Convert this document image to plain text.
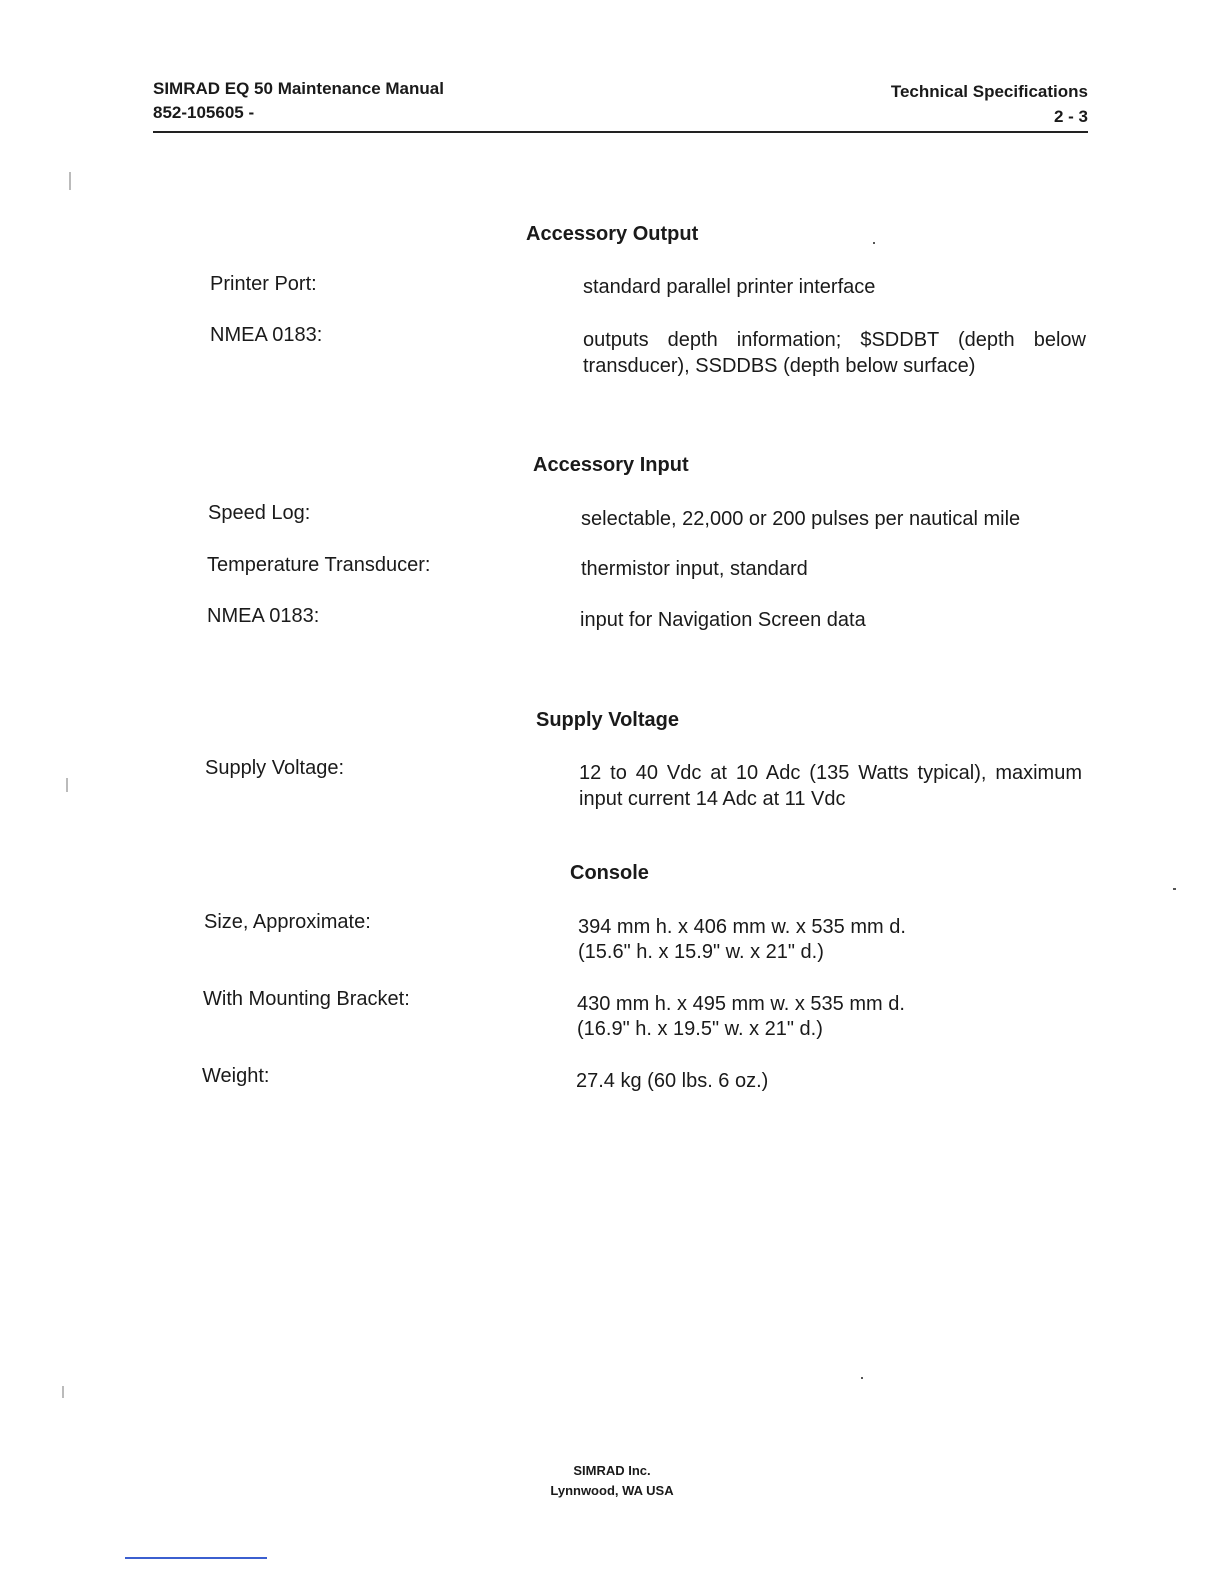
SIMRAD EQ 50 Maintenance Manual
852-105605 -
Technical Specifications
2 - 3
Accessory Output
Printer Port:	standard parallel printer interface
NMEA 0183:	outputs depth information; $SDDBT (depth below transducer), SSDDBS (depth below surface)
Accessory Input
Speed Log:	selectable, 22,000 or 200 pulses per nautical mile
Temperature Transducer:	thermistor input, standard
NMEA 0183:	input for Navigation Screen data
Supply Voltage
Supply Voltage:	12 to 40 Vdc at 10 Adc (135 Watts typical), maximum input current 14 Adc at 11 Vdc
Console
Size, Approximate:	394 mm h. x 406 mm w. x 535 mm d.
(15.6" h. x 15.9" w. x 21" d.)
With Mounting Bracket:	430 mm h. x 495 mm w. x 535 mm d.
(16.9" h. x 19.5" w. x 21" d.)
Weight:	27.4 kg (60 lbs. 6 oz.)
SIMRAD Inc.
Lynnwood, WA USA
